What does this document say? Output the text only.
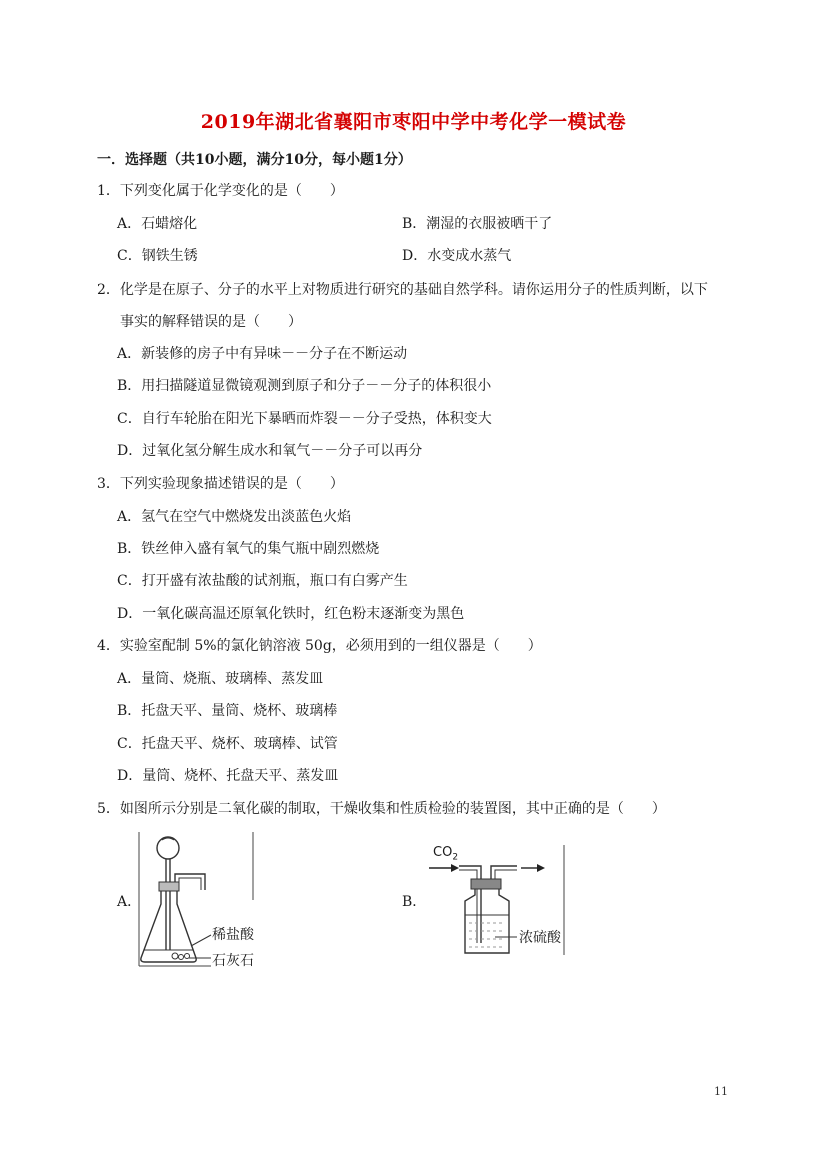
2019年湖北省襄阳市枣阳中学中考化学一模试卷
一．选择题（共10小题，满分10分，每小题1分）
1．下列变化属于化学变化的是（　　）
A．石蜡熔化	B．潮湿的衣服被晒干了
C．钢铁生锈	D．水变成水蒸气
2．化学是在原子、分子的水平上对物质进行研究的基础自然学科。请你运用分子的性质判断，以下
事实的解释错误的是（　　）
A．新装修的房子中有异味－－分子在不断运动
B．用扫描隧道显微镜观测到原子和分子－－分子的体积很小
C．自行车轮胎在阳光下暴晒而炸裂－－分子受热，体积变大
D．过氧化氢分解生成水和氧气－－分子可以再分
3．下列实验现象描述错误的是（　　）
A．氢气在空气中燃烧发出淡蓝色火焰
B．铁丝伸入盛有氧气的集气瓶中剧烈燃烧
C．打开盛有浓盐酸的试剂瓶，瓶口有白雾产生
D．一氧化碳高温还原氧化铁时，红色粉末逐渐变为黑色
4．实验室配制 5%的氯化钠溶液 50g，必须用到的一组仪器是（　　）
A．量筒、烧瓶、玻璃棒、蒸发皿
B．托盘天平、量筒、烧杯、玻璃棒
C．托盘天平、烧杯、玻璃棒、试管
D．量筒、烧杯、托盘天平、蒸发皿
5．如图所示分别是二氧化碳的制取，干燥收集和性质检验的装置图，其中正确的是（　　）
A．	B．
稀盐酸
石灰石
$CO_2$
浓硫酸
11
